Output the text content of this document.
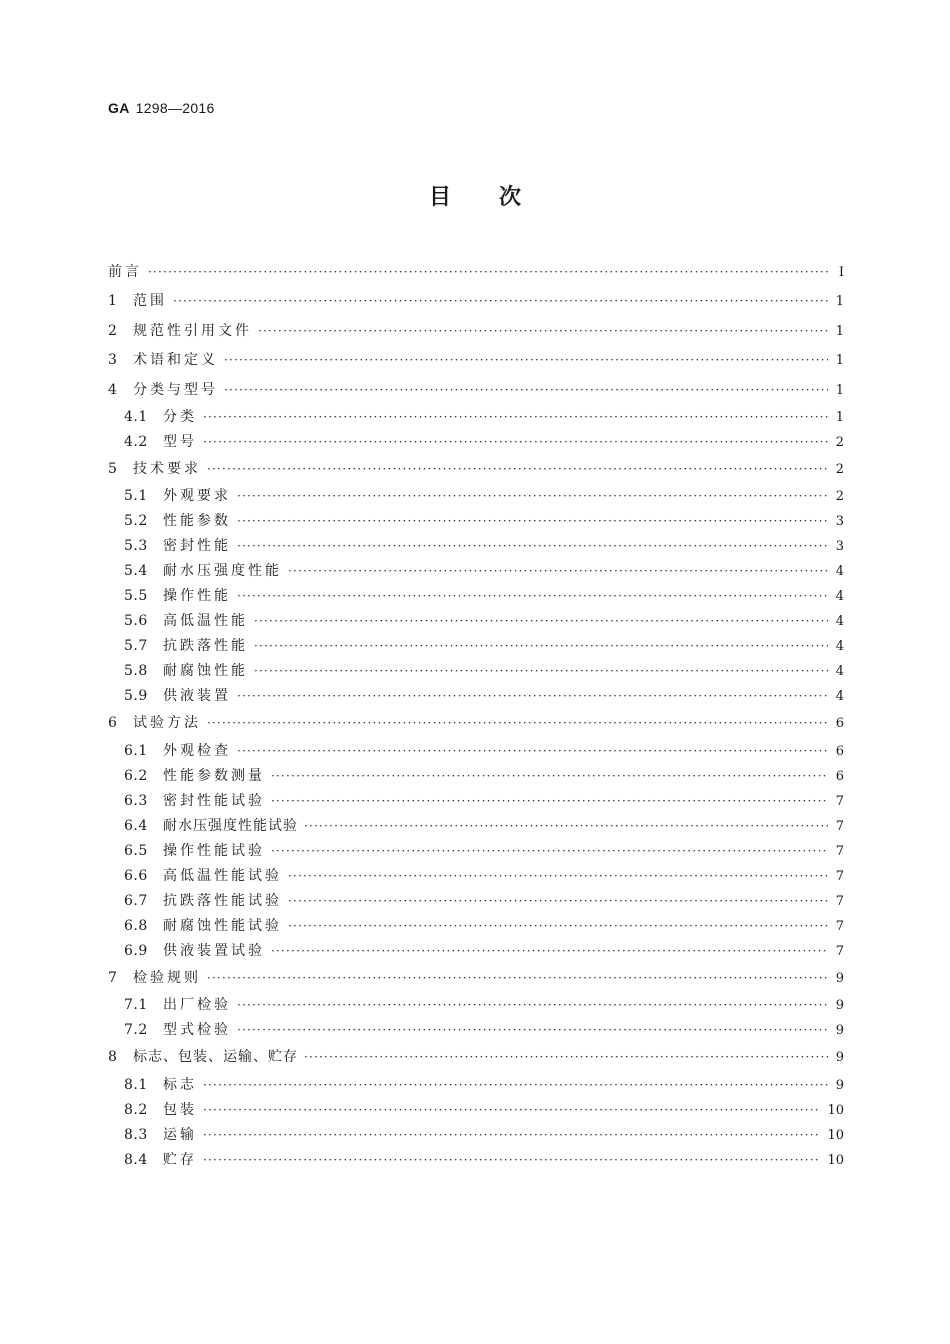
GA 1298—2016
目次
前言 ·····	Ⅰ
1	范围 ·····	1
2	规范性引用文件 ·····	1
3	术语和定义 ·····	1
4	分类与型号 ·····	1
4.1	分类 ·····	1
4.2	型号 ·····	2
5	技术要求 ·····	2
5.1	外观要求 ·····	2
5.2	性能参数 ·····	3
5.3	密封性能 ·····	3
5.4	耐水压强度性能 ·····	4
5.5	操作性能 ·····	4
5.6	高低温性能 ·····	4
5.7	抗跌落性能 ·····	4
5.8	耐腐蚀性能 ·····	4
5.9	供液装置 ·····	4
6	试验方法 ·····	6
6.1	外观检查 ·····	6
6.2	性能参数测量 ·····	6
6.3	密封性能试验 ·····	7
6.4	耐水压强度性能试验 ·····	7
6.5	操作性能试验 ·····	7
6.6	高低温性能试验 ·····	7
6.7	抗跌落性能试验 ·····	7
6.8	耐腐蚀性能试验 ·····	7
6.9	供液装置试验 ·····	7
7	检验规则 ·····	9
7.1	出厂检验 ·····	9
7.2	型式检验 ·····	9
8	标志、包装、运输、贮存 ·····	9
8.1	标志 ·····	9
8.2	包装 ·····	10
8.3	运输 ·····	10
8.4	贮存 ·····	10
